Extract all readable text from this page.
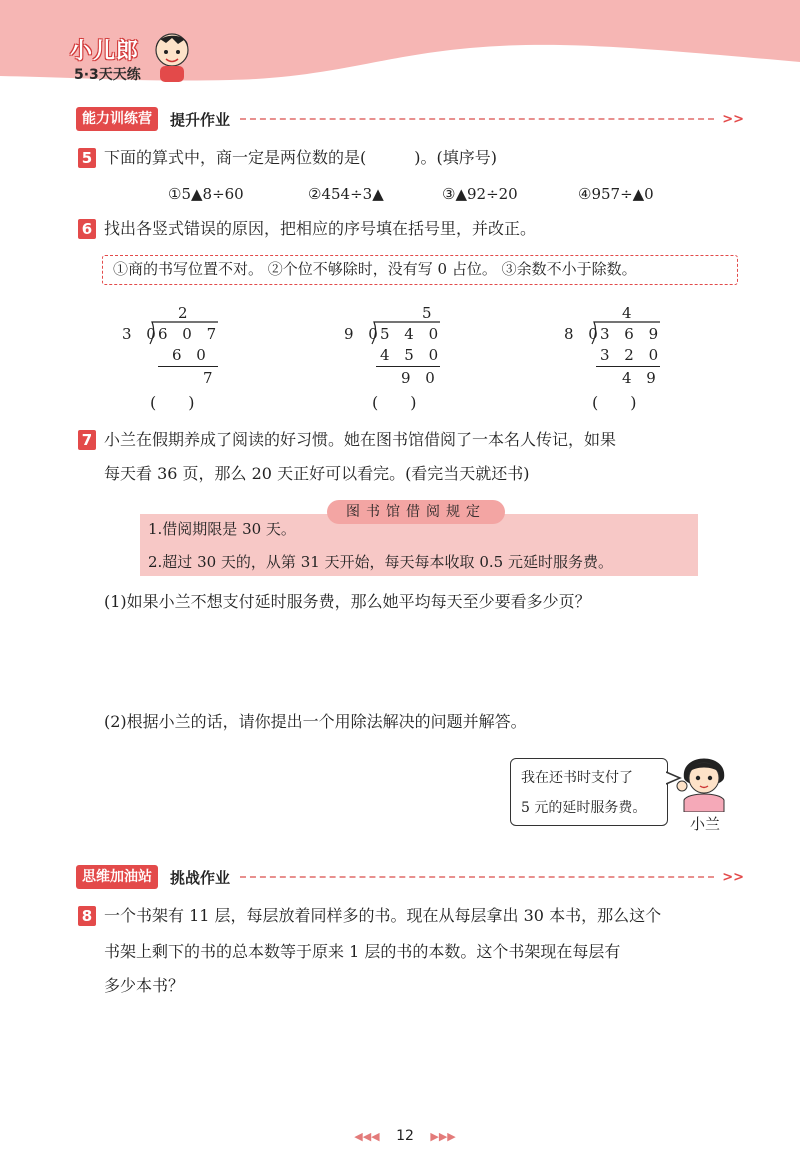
小儿郎
5·3天天练
能力训练营	提升作业	>>
5 下面的算式中，商一定是两位数的是(　　　)。(填序号)
①5▲8÷60	②454÷3▲	③▲92÷20	④957÷▲0
6 找出各竖式错误的原因，把相应的序号填在括号里，并改正。
①商的书写位置不对。 ②个位不够除时，没有写 0 占位。 ③余数不小于除数。
2
3 0
6 0 7
6 0
7
(　　)
5
9 0
5 4 0
4 5 0
9 0
(　　)
4
8 0
3 6 9
3 2 0
4 9
(　　)
7 小兰在假期养成了阅读的好习惯。她在图书馆借阅了一本名人传记，如果
每天看 36 页，那么 20 天正好可以看完。(看完当天就还书)
图书馆借阅规定
1.借阅期限是 30 天。
2.超过 30 天的，从第 31 天开始，每天每本收取 0.5 元延时服务费。
(1)如果小兰不想支付延时服务费，那么她平均每天至少要看多少页？
(2)根据小兰的话，请你提出一个用除法解决的问题并解答。
我在还书时支付了
5 元的延时服务费。
小兰
思维加油站	挑战作业	>>
8 一个书架有 11 层，每层放着同样多的书。现在从每层拿出 30 本书，那么这个
书架上剩下的书的总本数等于原来 1 层的书的本数。这个书架现在每层有
多少本书？
◀◀◀ 12 ▶▶▶
